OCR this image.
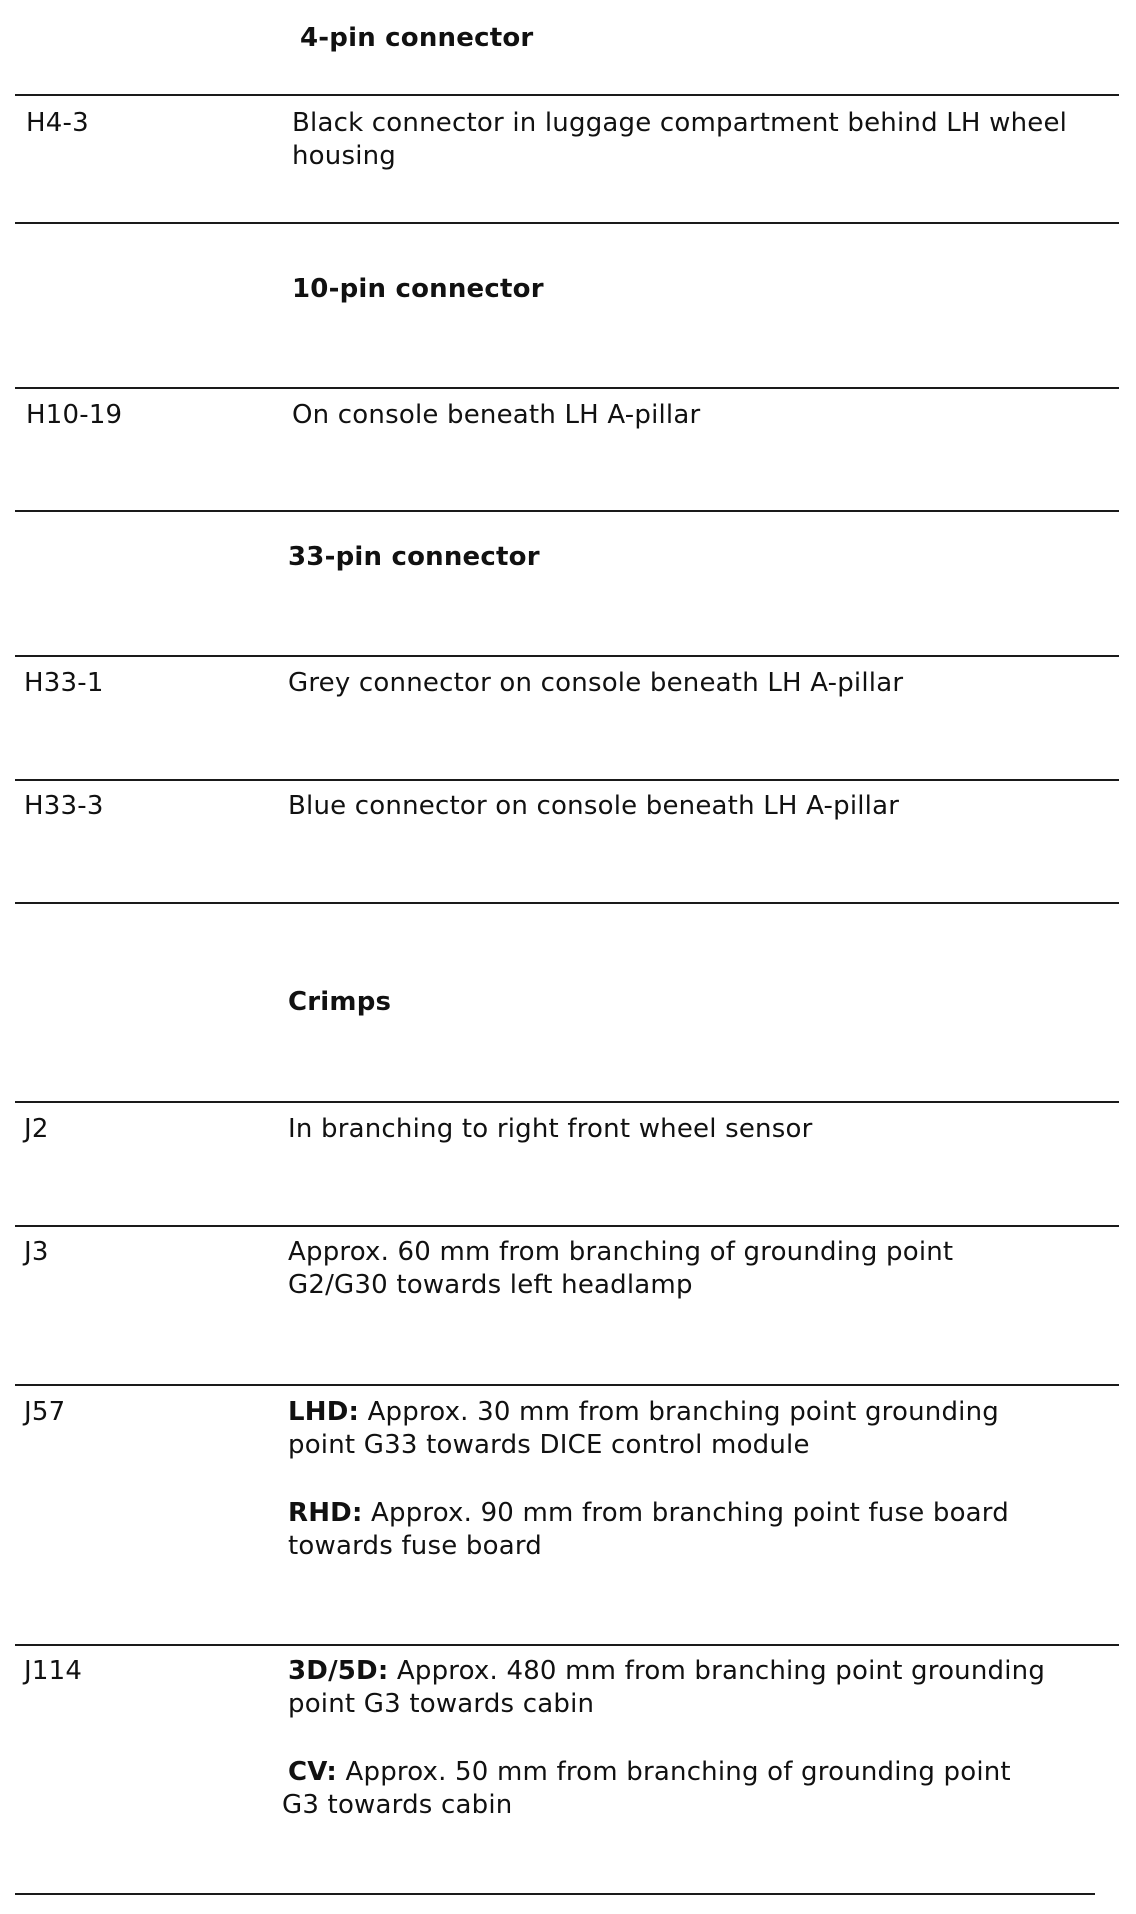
4-pin connector
H4-3	Black connector in luggage compartment behind LH wheel
housing
10-pin connector
H10-19	On console beneath LH A-pillar
33-pin connector
H33-1	Grey connector on console beneath LH A-pillar
H33-3	Blue connector on console beneath LH A-pillar
Crimps
J2	In branching to right front wheel sensor
J3	Approx. 60 mm from branching of grounding point
G2/G30 towards left headlamp
J57	LHD: Approx. 30 mm from branching point grounding
point G33 towards DICE control module
RHD: Approx. 90 mm from branching point fuse board
towards fuse board
J114	3D/5D: Approx. 480 mm from branching point grounding
point G3 towards cabin
CV: Approx. 50 mm from branching of grounding point
G3 towards cabin
